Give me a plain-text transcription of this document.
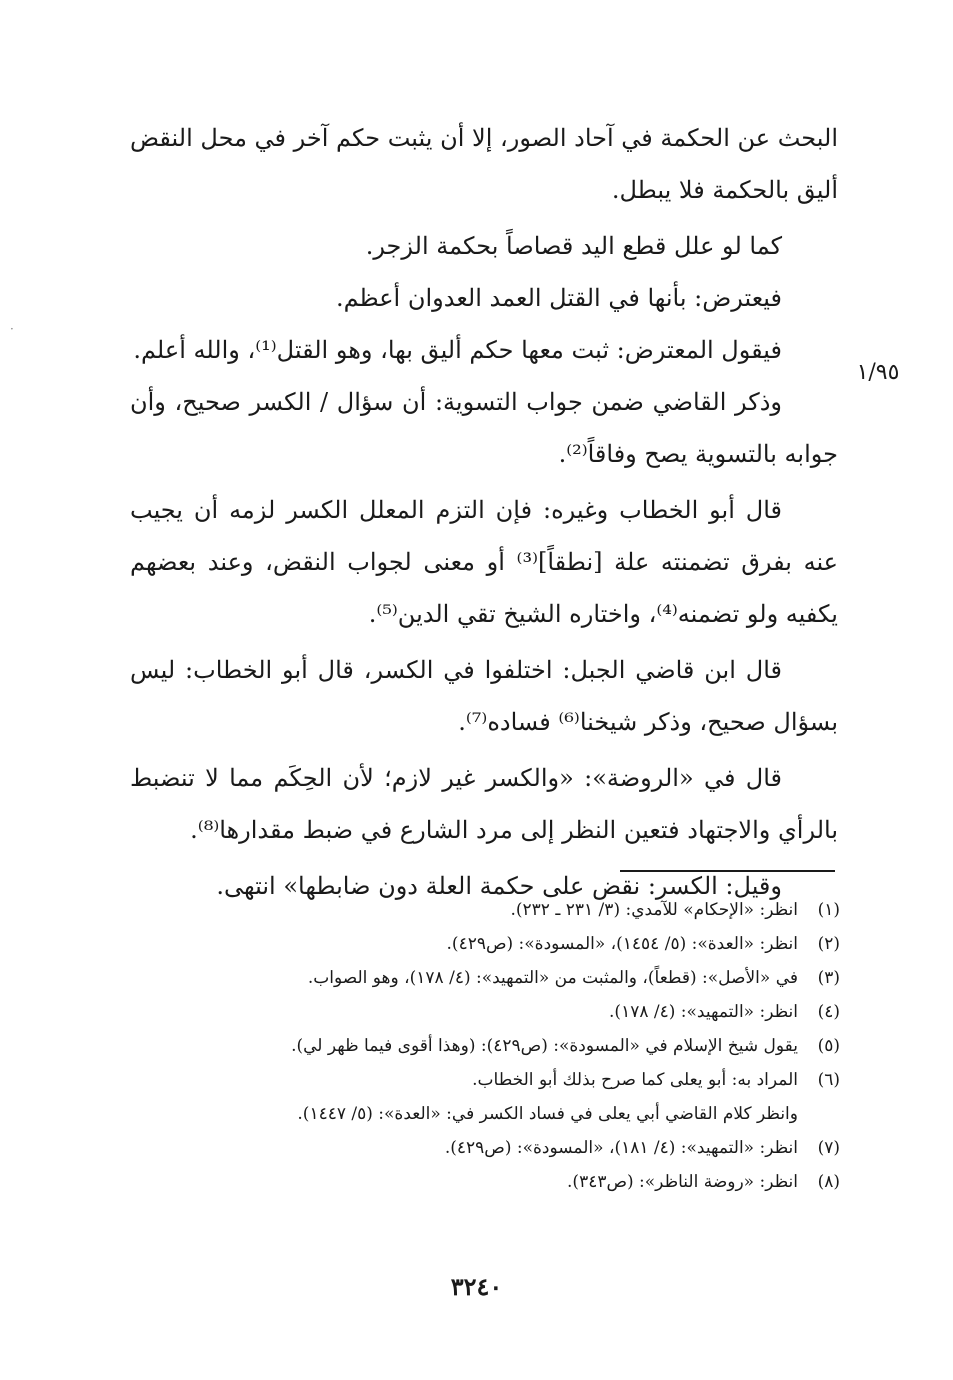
·
١/٩٥

البحث عن الحكمة في آحاد الصور، إلا أن يثبت حكم آخر في محل النقض أليق بالحكمة فلا يبطل.

كما لو علل قطع اليد قصاصاً بحكمة الزجر.

فيعترض: بأنها في القتل العمد العدوان أعظم.

فيقول المعترض: ثبت معها حكم أليق بها، وهو القتل⁽¹⁾، والله أعلم.

وذكر القاضي ضمن جواب التسوية: أن سؤال / الكسر صحيح، وأن جوابه بالتسوية يصح وفاقاً⁽²⁾.

قال أبو الخطاب وغيره: فإن التزم المعلل الكسر لزمه أن يجيب عنه بفرق تضمنته علة [نطقاً]⁽³⁾ أو معنى لجواب النقض، وعند بعضهم يكفيه ولو تضمنه⁽⁴⁾، واختاره الشيخ تقي الدين⁽⁵⁾.

قال ابن قاضي الجبل: اختلفوا في الكسر، قال أبو الخطاب: ليس بسؤال صحيح، وذكر شيخنا⁽⁶⁾ فساده⁽⁷⁾.

قال في «الروضة»: «والكسر غير لازم؛ لأن الحِكَم مما لا تنضبط بالرأي والاجتهاد فتعين النظر إلى مرد الشارع في ضبط مقدارها⁽⁸⁾.

وقيل: الكسر: نقض على حكمة العلة دون ضابطها» انتهى.

(١)
انظر: «الإحكام» للآمدي: (٣/ ٢٣١ ـ ٢٣٢).
(٢)
انظر: «العدة»: (٥/ ١٤٥٤)، «المسودة»: (ص٤٢٩).
(٣)
في «الأصل»: (قطعاً)، والمثبت من «التمهيد»: (٤/ ١٧٨)، وهو الصواب.
(٤)
انظر: «التمهيد»: (٤/ ١٧٨).
(٥)
يقول شيخ الإسلام في «المسودة»: (ص٤٢٩): (وهذا أقوى فيما ظهر لي).
(٦)
المراد به: أبو يعلى كما صرح بذلك أبو الخطاب.
وانظر كلام القاضي أبي يعلى في فساد الكسر في: «العدة»: (٥/ ١٤٤٧).
(٧)
انظر: «التمهيد»: (٤/ ١٨١)، «المسودة»: (ص٤٢٩).
(٨)
انظر: «روضة الناظر»: (ص٣٤٣).
٣٢٤٠
